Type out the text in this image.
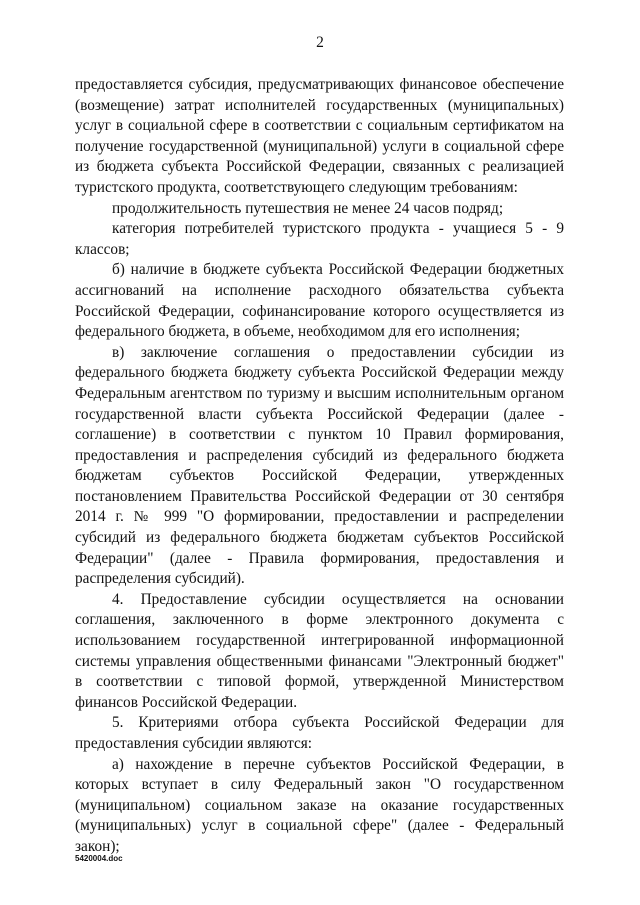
2

предоставляется субсидия, предусматривающих финансовое обеспечение (возмещение) затрат исполнителей государственных (муниципальных) услуг в социальной сфере в соответствии с социальным сертификатом на получение государственной (муниципальной) услуги в социальной сфере из бюджета субъекта Российской Федерации, связанных с реализацией туристского продукта, соответствующего следующим требованиям:

продолжительность путешествия не менее 24 часов подряд;

категория потребителей туристского продукта - учащиеся 5 - 9 классов;

б) наличие в бюджете субъекта Российской Федерации бюджетных ассигнований на исполнение расходного обязательства субъекта Российской Федерации, софинансирование которого осуществляется из федерального бюджета, в объеме, необходимом для его исполнения;

в) заключение соглашения о предоставлении субсидии из федерального бюджета бюджету субъекта Российской Федерации между Федеральным агентством по туризму и высшим исполнительным органом государственной власти субъекта Российской Федерации (далее - соглашение) в соответствии с пунктом 10 Правил формирования, предоставления и распределения субсидий из федерального бюджета бюджетам субъектов Российской Федерации, утвержденных постановлением Правительства Российской Федерации от 30 сентября 2014 г. № 999 "О формировании, предоставлении и распределении субсидий из федерального бюджета бюджетам субъектов Российской Федерации" (далее - Правила формирования, предоставления и распределения субсидий).

4. Предоставление субсидии осуществляется на основании соглашения, заключенного в форме электронного документа с использованием государственной интегрированной информационной системы управления общественными финансами "Электронный бюджет" в соответствии с типовой формой, утвержденной Министерством финансов Российской Федерации.

5. Критериями отбора субъекта Российской Федерации для предоставления субсидии являются:

а) нахождение в перечне субъектов Российской Федерации, в которых вступает в силу Федеральный закон "О государственном (муниципальном) социальном заказе на оказание государственных (муниципальных) услуг в социальной сфере" (далее - Федеральный закон);

5420004.doc
